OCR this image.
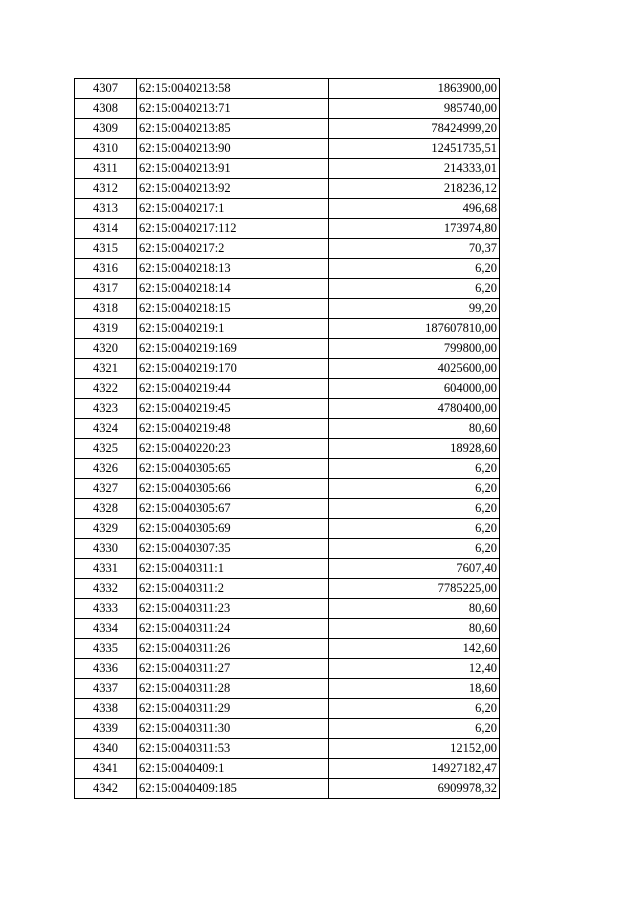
4307	62:15:0040213:58	1863900,00
4308	62:15:0040213:71	985740,00
4309	62:15:0040213:85	78424999,20
4310	62:15:0040213:90	12451735,51
4311	62:15:0040213:91	214333,01
4312	62:15:0040213:92	218236,12
4313	62:15:0040217:1	496,68
4314	62:15:0040217:112	173974,80
4315	62:15:0040217:2	70,37
4316	62:15:0040218:13	6,20
4317	62:15:0040218:14	6,20
4318	62:15:0040218:15	99,20
4319	62:15:0040219:1	187607810,00
4320	62:15:0040219:169	799800,00
4321	62:15:0040219:170	4025600,00
4322	62:15:0040219:44	604000,00
4323	62:15:0040219:45	4780400,00
4324	62:15:0040219:48	80,60
4325	62:15:0040220:23	18928,60
4326	62:15:0040305:65	6,20
4327	62:15:0040305:66	6,20
4328	62:15:0040305:67	6,20
4329	62:15:0040305:69	6,20
4330	62:15:0040307:35	6,20
4331	62:15:0040311:1	7607,40
4332	62:15:0040311:2	7785225,00
4333	62:15:0040311:23	80,60
4334	62:15:0040311:24	80,60
4335	62:15:0040311:26	142,60
4336	62:15:0040311:27	12,40
4337	62:15:0040311:28	18,60
4338	62:15:0040311:29	6,20
4339	62:15:0040311:30	6,20
4340	62:15:0040311:53	12152,00
4341	62:15:0040409:1	14927182,47
4342	62:15:0040409:185	6909978,32
